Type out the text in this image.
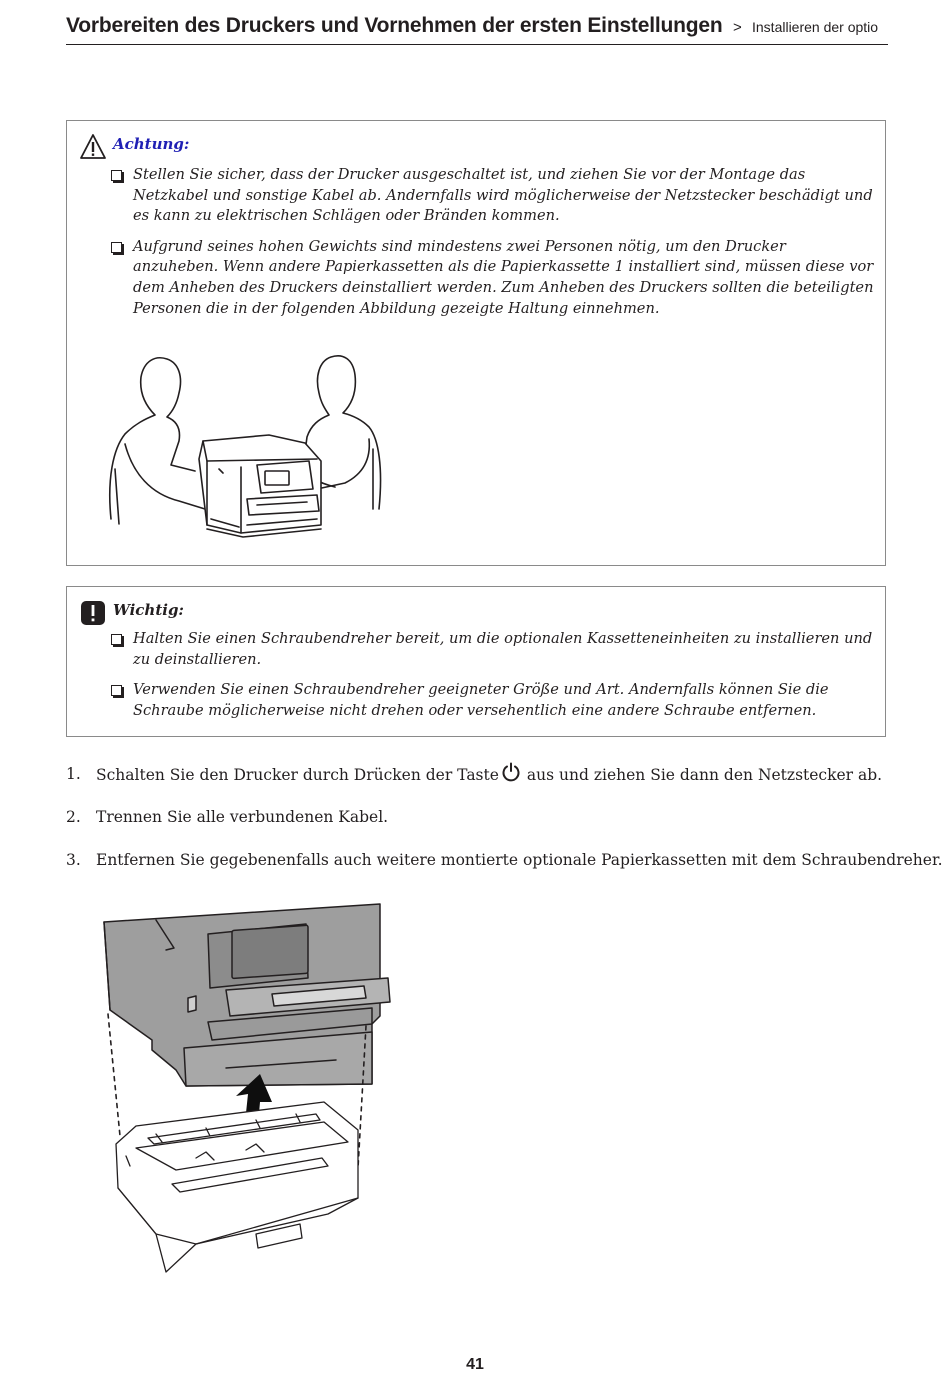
Vorbereiten des Druckers und Vornehmen der ersten Einstellungen > Installieren der optio
Achtung:
Stellen Sie sicher, dass der Drucker ausgeschaltet ist, und ziehen Sie vor der Montage das Netzkabel und sonstige Kabel ab. Andernfalls wird möglicherweise der Netzstecker beschädigt und es kann zu elektrischen Schlägen oder Bränden kommen.
Aufgrund seines hohen Gewichts sind mindestens zwei Personen nötig, um den Drucker anzuheben. Wenn andere Papierkassetten als die Papierkassette 1 installiert sind, müssen diese vor dem Anheben des Druckers deinstalliert werden. Zum Anheben des Druckers sollten die beteiligten Personen die in der folgenden Abbildung gezeigte Haltung einnehmen.
Wichtig:
Halten Sie einen Schraubendreher bereit, um die optionalen Kassetteneinheiten zu installieren und zu deinstallieren.
Verwenden Sie einen Schraubendreher geeigneter Größe und Art. Andernfalls können Sie die Schraube möglicherweise nicht drehen oder versehentlich eine andere Schraube entfernen.
1. Schalten Sie den Drucker durch Drücken der Taste aus und ziehen Sie dann den Netzstecker ab.
2. Trennen Sie alle verbundenen Kabel.
3. Entfernen Sie gegebenenfalls auch weitere montierte optionale Papierkassetten mit dem Schraubendreher.
41
